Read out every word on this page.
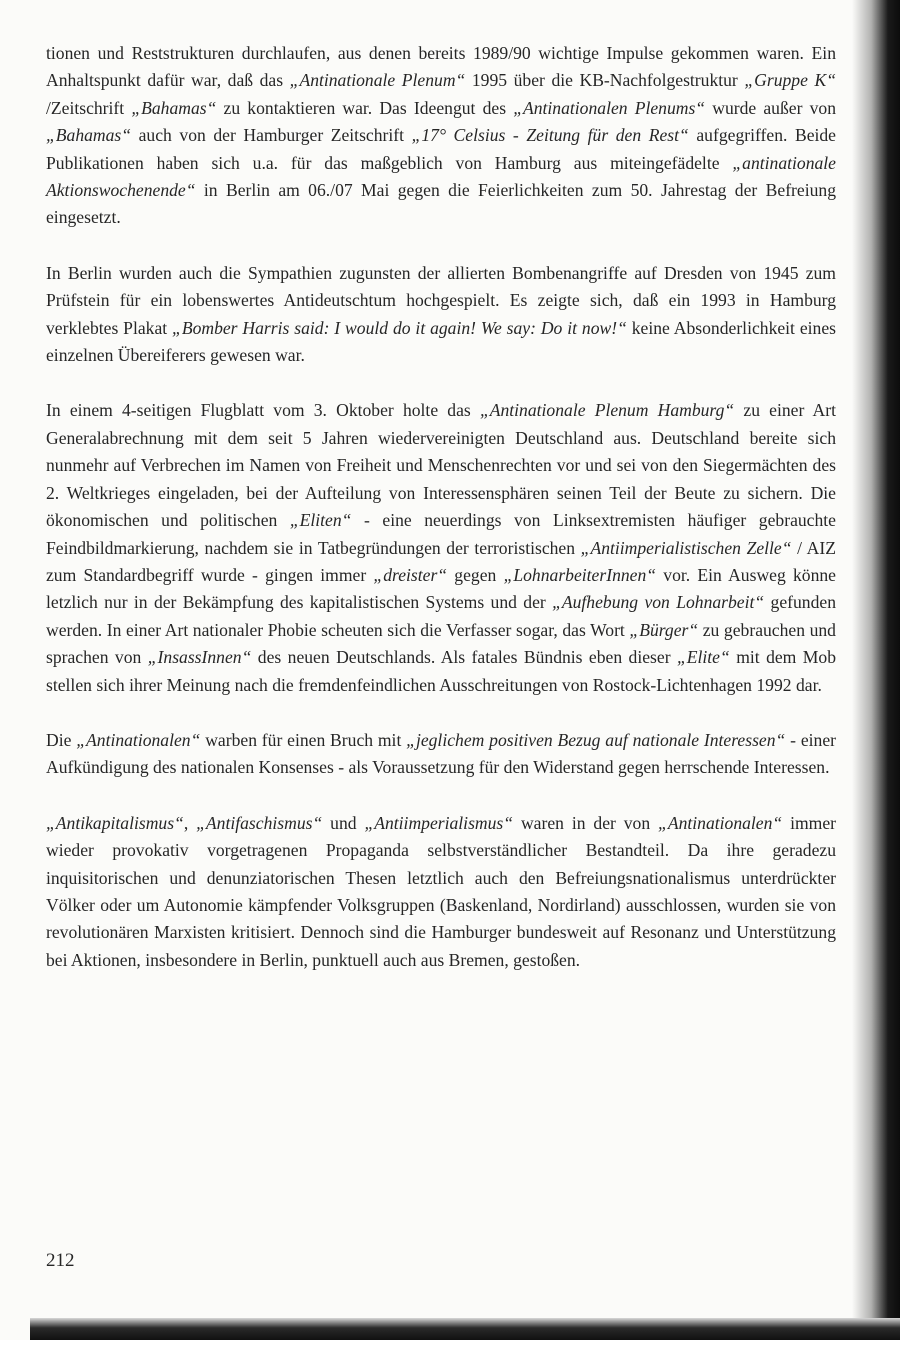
tionen und Reststrukturen durchlaufen, aus denen bereits 1989/90 wichtige Impulse gekommen waren. Ein Anhaltspunkt dafür war, daß das „Antinationale Plenum“ 1995 über die KB-Nachfolgestruktur „Gruppe K“ /Zeitschrift „Bahamas“ zu kontaktieren war. Das Ideengut des „Antinationalen Plenums“ wurde außer von „Bahamas“ auch von der Hamburger Zeitschrift „17° Celsius - Zeitung für den Rest“ aufgegriffen. Beide Publikationen haben sich u.a. für das maßgeblich von Hamburg aus miteingefädelte „antinationale Aktionswochenende“ in Berlin am 06./07 Mai gegen die Feierlichkeiten zum 50. Jahrestag der Befreiung eingesetzt.

In Berlin wurden auch die Sympathien zugunsten der allierten Bombenangriffe auf Dresden von 1945 zum Prüfstein für ein lobenswertes Antideutschtum hochgespielt. Es zeigte sich, daß ein 1993 in Hamburg verklebtes Plakat „Bomber Harris said: I would do it again! We say: Do it now!“ keine Absonderlichkeit eines einzelnen Übereiferers gewesen war.

In einem 4-seitigen Flugblatt vom 3. Oktober holte das „Antinationale Plenum Hamburg“ zu einer Art Generalabrechnung mit dem seit 5 Jahren wiedervereinigten Deutschland aus. Deutschland bereite sich nunmehr auf Verbrechen im Namen von Freiheit und Menschenrechten vor und sei von den Siegermächten des 2. Weltkrieges eingeladen, bei der Aufteilung von Interessensphären seinen Teil der Beute zu sichern. Die ökonomischen und politischen „Eliten“ - eine neuerdings von Linksextremisten häufiger gebrauchte Feindbildmarkierung, nachdem sie in Tatbegründungen der terroristischen „Antiimperialistischen Zelle“ / AIZ zum Standardbegriff wurde - gingen immer „dreister“ gegen „LohnarbeiterInnen“ vor. Ein Ausweg könne letzlich nur in der Bekämpfung des kapitalistischen Systems und der „Aufhebung von Lohnarbeit“ gefunden werden. In einer Art nationaler Phobie scheuten sich die Verfasser sogar, das Wort „Bürger“ zu gebrauchen und sprachen von „InsassInnen“ des neuen Deutschlands. Als fatales Bündnis eben dieser „Elite“ mit dem Mob stellen sich ihrer Meinung nach die fremdenfeindlichen Ausschreitungen von Rostock-Lichtenhagen 1992 dar.

Die „Antinationalen“ warben für einen Bruch mit „jeglichem positiven Bezug auf nationale Interessen“ - einer Aufkündigung des nationalen Konsenses - als Voraussetzung für den Widerstand gegen herrschende Interessen.

„Antikapitalismus“, „Antifaschismus“ und „Antiimperialismus“ waren in der von „Antinationalen“ immer wieder provokativ vorgetragenen Propaganda selbstverständlicher Bestandteil. Da ihre geradezu inquisitorischen und denunziatorischen Thesen letztlich auch den Befreiungsnationalismus unterdrückter Völker oder um Autonomie kämpfender Volksgruppen (Baskenland, Nordirland) ausschlossen, wurden sie von revolutionären Marxisten kritisiert. Dennoch sind die Hamburger bundesweit auf Resonanz und Unterstützung bei Aktionen, insbesondere in Berlin, punktuell auch aus Bremen, gestoßen.

212
